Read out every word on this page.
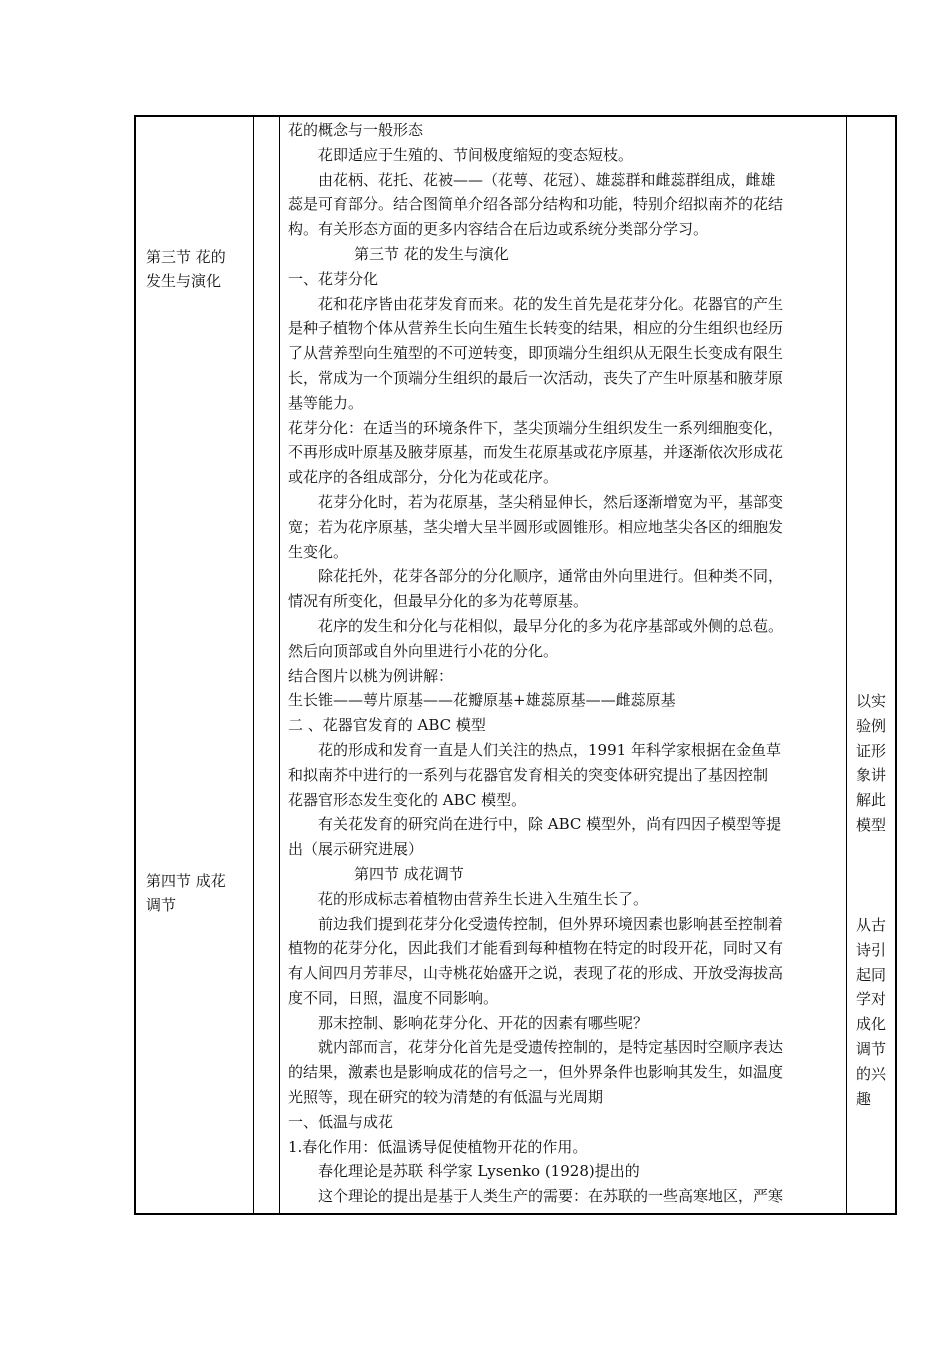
第三节 花的
发生与演化
第四节 成花
调节
花的概念与一般形态
花即适应于生殖的、节间极度缩短的变态短枝。
由花柄、花托、花被——（花萼、花冠）、雄蕊群和雌蕊群组成，雌雄
蕊是可育部分。结合图简单介绍各部分结构和功能，特别介绍拟南芥的花结
构。有关形态方面的更多内容结合在后边或系统分类部分学习。
第三节 花的发生与演化
一、花芽分化
花和花序皆由花芽发育而来。花的发生首先是花芽分化。花器官的产生
是种子植物个体从营养生长向生殖生长转变的结果，相应的分生组织也经历
了从营养型向生殖型的不可逆转变，即顶端分生组织从无限生长变成有限生
长，常成为一个顶端分生组织的最后一次活动，丧失了产生叶原基和腋芽原
基等能力。
花芽分化：在适当的环境条件下，茎尖顶端分生组织发生一系列细胞变化，
不再形成叶原基及腋芽原基，而发生花原基或花序原基，并逐渐依次形成花
或花序的各组成部分，分化为花或花序。
花芽分化时，若为花原基，茎尖稍显伸长，然后逐渐增宽为平，基部变
宽；若为花序原基，茎尖增大呈半圆形或圆锥形。相应地茎尖各区的细胞发
生变化。
除花托外，花芽各部分的分化顺序，通常由外向里进行。但种类不同，
情况有所变化，但最早分化的多为花萼原基。
花序的发生和分化与花相似，最早分化的多为花序基部或外侧的总苞。
然后向顶部或自外向里进行小花的分化。
结合图片以桃为例讲解：
生长锥——萼片原基——花瓣原基+雄蕊原基——雌蕊原基
二 、花器官发育的 ABC 模型
花的形成和发育一直是人们关注的热点，1991 年科学家根据在金鱼草
和拟南芥中进行的一系列与花器官发育相关的突变体研究提出了基因控制
花器官形态发生变化的 ABC 模型。
有关花发育的研究尚在进行中，除 ABC 模型外，尚有四因子模型等提
出（展示研究进展）
第四节 成花调节
花的形成标志着植物由营养生长进入生殖生长了。
前边我们提到花芽分化受遗传控制，但外界环境因素也影响甚至控制着
植物的花芽分化，因此我们才能看到每种植物在特定的时段开花，同时又有
有人间四月芳菲尽，山寺桃花始盛开之说，表现了花的形成、开放受海拔高
度不同，日照，温度不同影响。
那末控制、影响花芽分化、开花的因素有哪些呢？
就内部而言，花芽分化首先是受遗传控制的，是特定基因时空顺序表达
的结果，激素也是影响成花的信号之一，但外界条件也影响其发生，如温度
光照等，现在研究的较为清楚的有低温与光周期
一、低温与成花
1.春化作用：低温诱导促使植物开花的作用。
春化理论是苏联 科学家 Lysenko (1928)提出的
这个理论的提出是基于人类生产的需要：在苏联的一些高寒地区，严寒
以实
验例
证形
象讲
解此
模型
从古
诗引
起同
学对
成化
调节
的兴
趣
